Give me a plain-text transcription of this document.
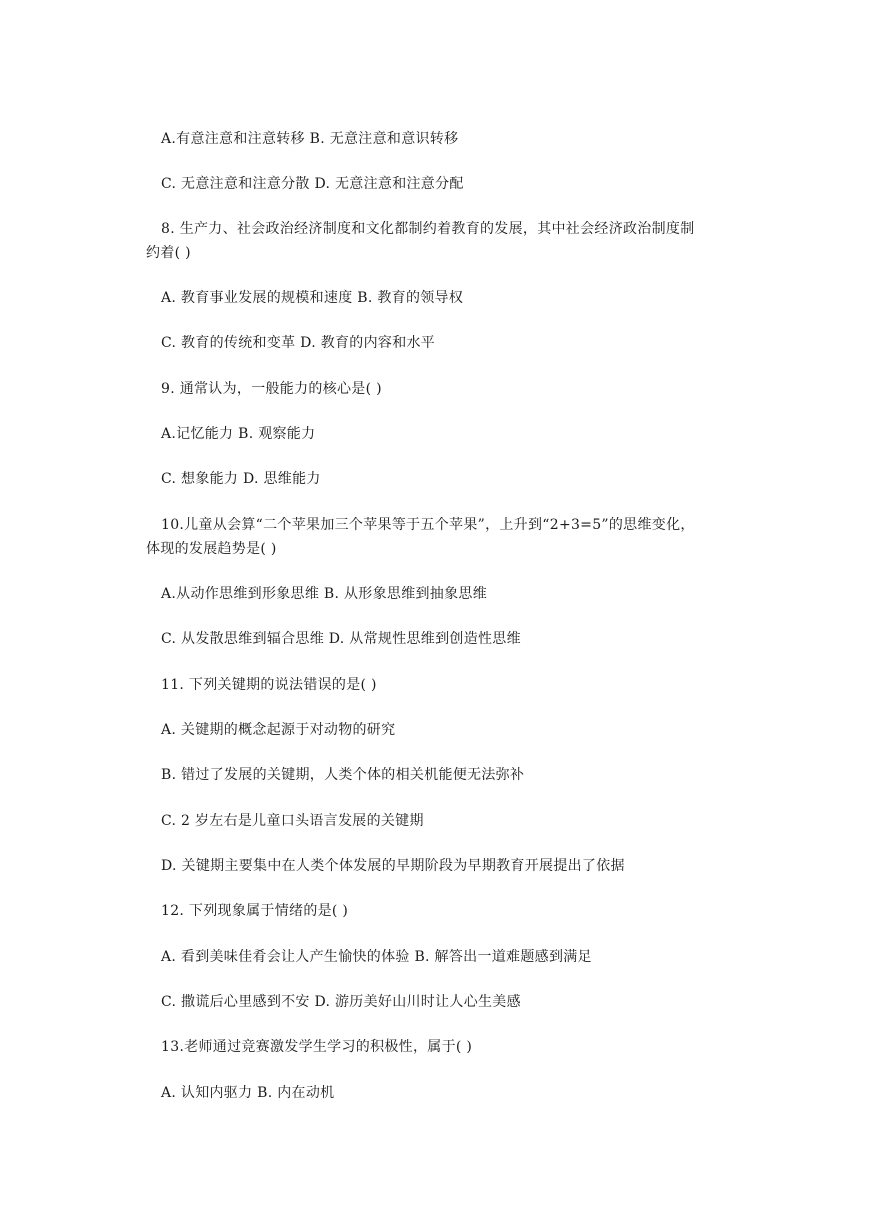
A.有意注意和注意转移 B. 无意注意和意识转移
C. 无意注意和注意分散 D. 无意注意和注意分配
8. 生产力、社会政治经济制度和文化都制约着教育的发展，其中社会经济政治制度制
约着( )
A. 教育事业发展的规模和速度 B. 教育的领导权
C. 教育的传统和变革 D. 教育的内容和水平
9. 通常认为，一般能力的核心是( )
A.记忆能力 B. 观察能力
C. 想象能力 D. 思维能力
10.儿童从会算“二个苹果加三个苹果等于五个苹果”，上升到“2+3=5”的思维变化，
体现的发展趋势是( )
A.从动作思维到形象思维 B. 从形象思维到抽象思维
C. 从发散思维到辐合思维 D. 从常规性思维到创造性思维
11. 下列关键期的说法错误的是( )
A. 关键期的概念起源于对动物的研究
B. 错过了发展的关键期，人类个体的相关机能便无法弥补
C. 2 岁左右是儿童口头语言发展的关键期
D. 关键期主要集中在人类个体发展的早期阶段为早期教育开展提出了依据
12. 下列现象属于情绪的是( )
A. 看到美味佳肴会让人产生愉快的体验 B. 解答出一道难题感到满足
C. 撒谎后心里感到不安 D. 游历美好山川时让人心生美感
13.老师通过竞赛激发学生学习的积极性，属于( )
A. 认知内驱力 B. 内在动机
